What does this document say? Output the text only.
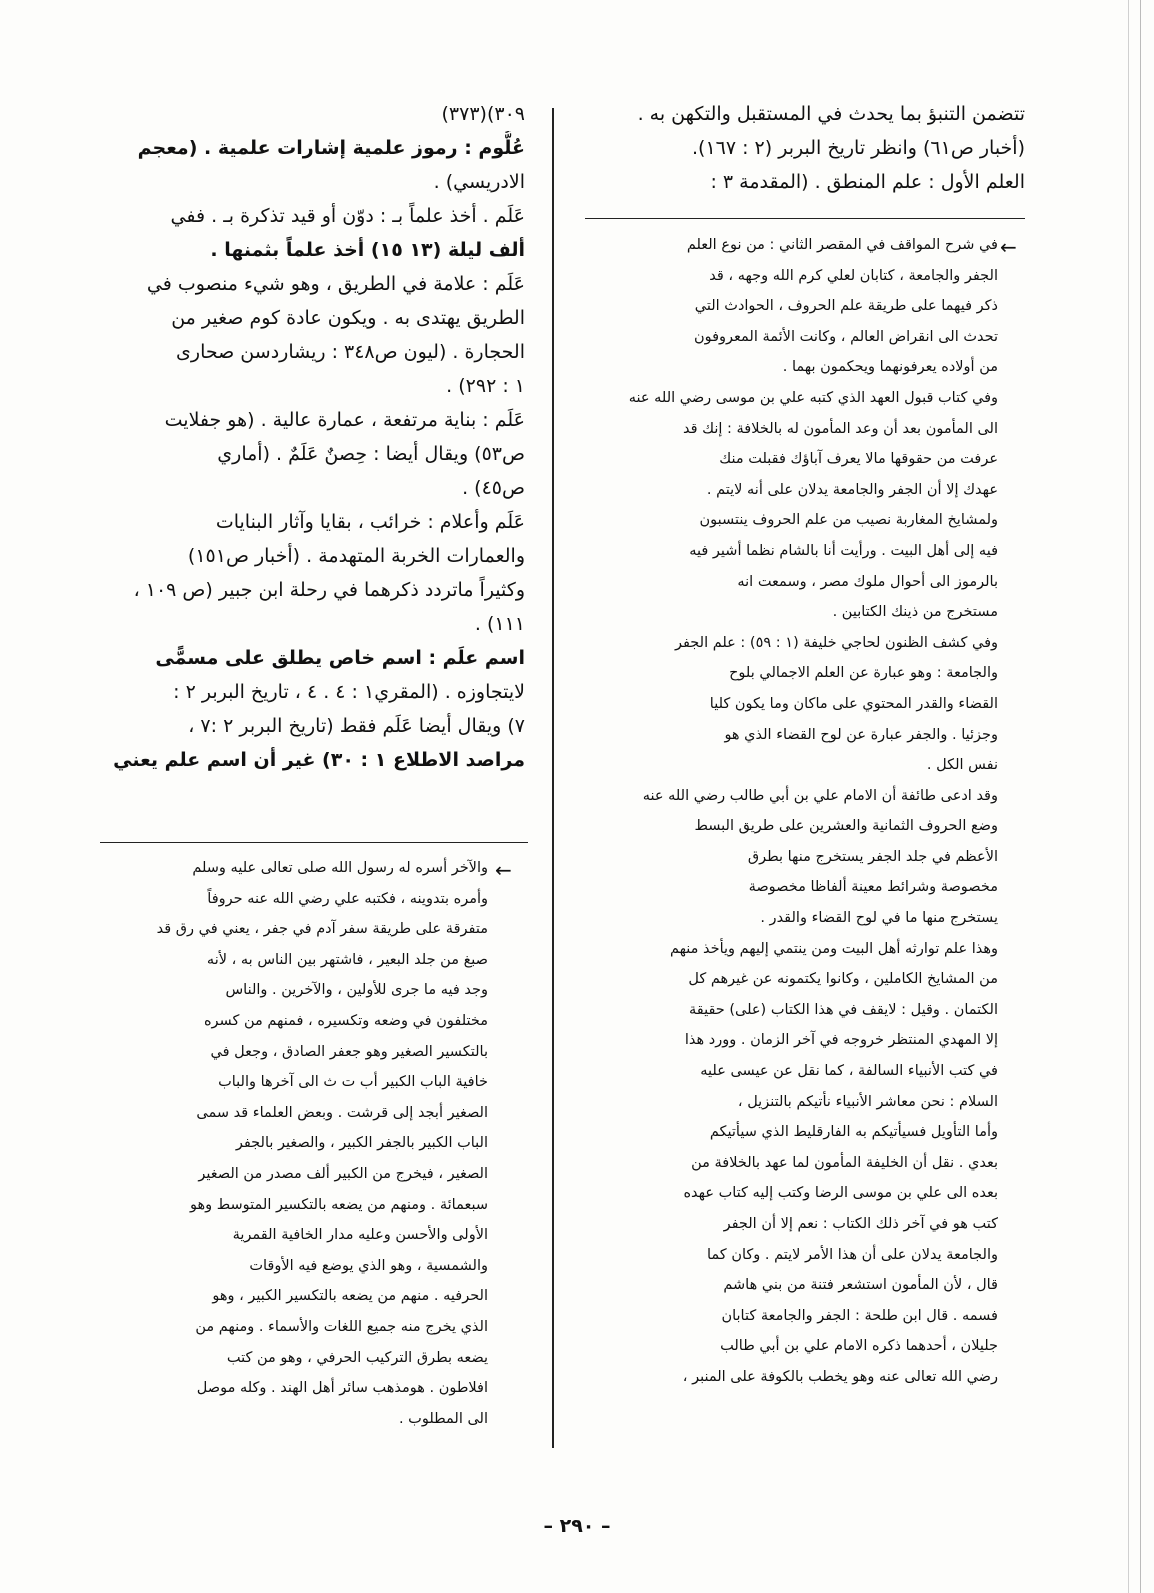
تتضمن التنبؤ بما يحدث في المستقبل والتكهن به .

(أخبار ص٦١) وانظر تاريخ البربر (٢ : ١٦٧).

العلم الأول : علم المنطق . (المقدمة ٣ :

←

في شرح المواقف في المقصر الثاني : من نوع العلم

الجفر والجامعة ، كتابان لعلي كرم الله وجهه ، قد

ذكر فيهما على طريقة علم الحروف ، الحوادث التي

تحدث الى انقراض العالم ، وكانت الأئمة المعروفون

من أولاده يعرفونهما ويحكمون بهما .

وفي كتاب قبول العهد الذي كتبه علي بن موسى رضي الله عنه

الى المأمون بعد أن وعد المأمون له بالخلافة : إنك قد

عرفت من حقوقها مالا يعرف آباؤك فقبلت منك

عهدك إلا أن الجفر والجامعة يدلان على أنه لايتم .

ولمشايخ المغاربة نصيب من علم الحروف ينتسبون

فيه إلى أهل البيت . ورأيت أنا بالشام نظما أشير فيه

بالرموز الى أحوال ملوك مصر ، وسمعت انه

مستخرج من ذينك الكتابين .

وفي كشف الظنون لحاجي خليفة (١ : ٥٩) : علم الجفر

والجامعة : وهو عبارة عن العلم الاجمالي بلوح

القضاء والقدر المحتوي على ماكان وما يكون كليا

وجزئيا . والجفر عبارة عن لوح القضاء الذي هو

نفس الكل .

وقد ادعى طائفة أن الامام علي بن أبي طالب رضي الله عنه

وضع الحروف الثمانية والعشرين على طريق البسط

الأعظم في جلد الجفر يستخرج منها بطرق

مخصوصة وشرائط معينة ألفاظا مخصوصة

يستخرج منها ما في لوح القضاء والقدر .

وهذا علم توارثه أهل البيت ومن ينتمي إليهم ويأخذ منهم

من المشايخ الكاملين ، وكانوا يكتمونه عن غيرهم كل

الكتمان . وقيل : لايقف في هذا الكتاب (على) حقيقة

إلا المهدي المنتظر خروجه في آخر الزمان . وورد هذا

في كتب الأنبياء السالفة ، كما نقل عن عيسى عليه

السلام : نحن معاشر الأنبياء نأتيكم بالتنزيل ،

وأما التأويل فسيأتيكم به الفارقليط الذي سيأتيكم

بعدي . نقل أن الخليفة المأمون لما عهد بالخلافة من

بعده الى علي بن موسى الرضا وكتب إليه كتاب عهده

كتب هو في آخر ذلك الكتاب : نعم إلا أن الجفر

والجامعة يدلان على أن هذا الأمر لايتم . وكان كما

قال ، لأن المأمون استشعر فتنة من بني هاشم

فسمه . قال ابن طلحة : الجفر والجامعة كتابان

جليلان ، أحدهما ذكره الامام علي بن أبي طالب

رضي الله تعالى عنه وهو يخطب بالكوفة على المنبر ،

٣٠٩)(٣٧٣)

عُلُّوم : رموز علمية إشارات علمية . (معجم

الادريسي) .

عَلَم . أخذ علماً بـ : دوّن أو قيد تذكرة بـ . ففي

ألف ليلة (١٣ ١٥) أخذ علماً بثمنها .

عَلَم : علامة في الطريق ، وهو شيء منصوب في

الطريق يهتدى به . ويكون عادة كوم صغير من

الحجارة . (ليون ص٣٤٨ : ريشاردسن صحارى

١ : ٢٩٢) .

عَلَم : بناية مرتفعة ، عمارة عالية . (هو جفلايت

ص٥٣) ويقال أيضا : حِصنٌ عَلَمٌ . (أماري

ص٤٥) .

عَلَم وأعلام : خرائب ، بقايا وآثار البنايات

والعمارات الخربة المتهدمة . (أخبار ص١٥١)

وكثيراً ماتردد ذكرهما في رحلة ابن جبير (ص ١٠٩ ،

١١١) .

اسم علَم : اسم خاص يطلق على مسمًّى

لايتجاوزه . (المقري١ : ٤ . ٤ ، تاريخ البربر ٢ :

٧) ويقال أيضا عَلَم فقط (تاريخ البربر ٢ :٧ ،

مراصد الاطلاع ١ : ٣٠) غير أن اسم علم يعني

←

والآخر أسره له رسول الله صلى تعالى عليه وسلم

وأمره بتدوينه ، فكتبه علي رضي الله عنه حروفاً

متفرقة على طريقة سفر آدم في جفر ، يعني في رق قد

صبغ من جلد البعير ، فاشتهر بين الناس به ، لأنه

وجد فيه ما جرى للأولين ، والآخرين . والناس

مختلفون في وضعه وتكسيره ، فمنهم من كسره

بالتكسير الصغير وهو جعفر الصادق ، وجعل في

خافية الباب الكبير أب ت ث الى آخرها والباب

الصغير أبجد إلى قرشت . وبعض العلماء قد سمى

الباب الكبير بالجفر الكبير ، والصغير بالجفر

الصغير ، فيخرج من الكبير ألف مصدر من الصغير

سبعمائة . ومنهم من يضعه بالتكسير المتوسط وهو

الأولى والأحسن وعليه مدار الخافية القمرية

والشمسية ، وهو الذي يوضع فيه الأوقات

الحرفيه . منهم من يضعه بالتكسير الكبير ، وهو

الذي يخرج منه جميع اللغات والأسماء . ومنهم من

يضعه بطرق التركيب الحرفي ، وهو من كتب

افلاطون . هومذهب سائر أهل الهند . وكله موصل

الى المطلوب .

– ٢٩٠ –
